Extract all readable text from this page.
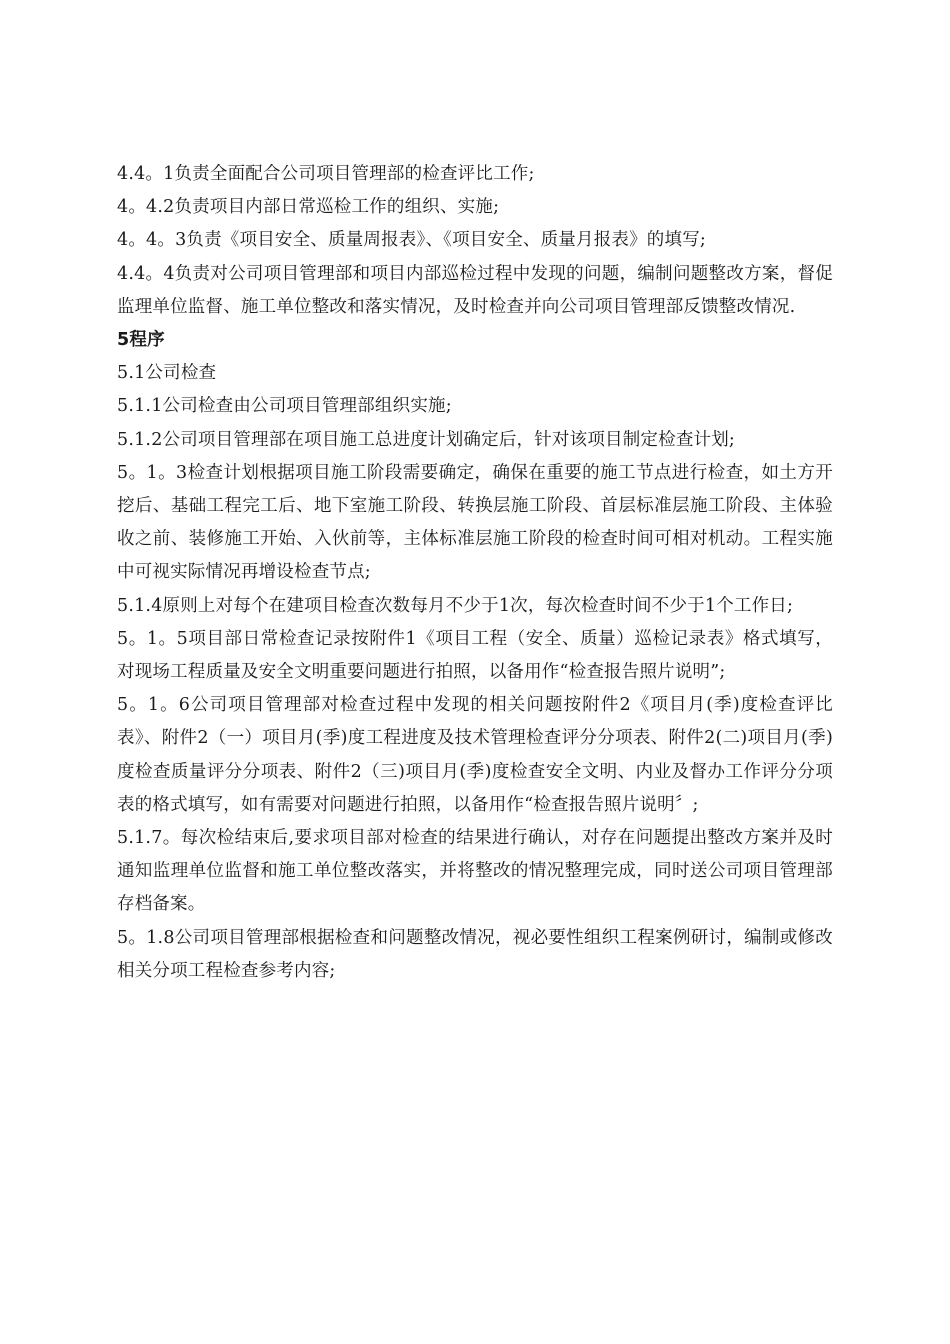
4.4。1负责全面配合公司项目管理部的检查评比工作;

4。4.2负责项目内部日常巡检工作的组织、实施;

4。4。3负责《项目安全、质量周报表》、《项目安全、质量月报表》的填写;

4.4。4负责对公司项目管理部和项目内部巡检过程中发现的问题，编制问题整改方案，督促监理单位监督、施工单位整改和落实情况，及时检查并向公司项目管理部反馈整改情况.

5程序

5.1公司检查

5.1.1公司检查由公司项目管理部组织实施;

5.1.2公司项目管理部在项目施工总进度计划确定后，针对该项目制定检查计划;

5。1。3检查计划根据项目施工阶段需要确定，确保在重要的施工节点进行检查，如土方开挖后、基础工程完工后、地下室施工阶段、转换层施工阶段、首层标准层施工阶段、主体验收之前、装修施工开始、入伙前等，主体标准层施工阶段的检查时间可相对机动。工程实施中可视实际情况再增设检查节点;

5.1.4原则上对每个在建项目检查次数每月不少于1次，每次检查时间不少于1个工作日;

5。1。5项目部日常检查记录按附件1《项目工程（安全、质量）巡检记录表》格式填写，对现场工程质量及安全文明重要问题进行拍照，以备用作“检查报告照片说明”;

5。1。6公司项目管理部对检查过程中发现的相关问题按附件2《项目月(季)度检查评比表》、附件2（一）项目月(季)度工程进度及技术管理检查评分分项表、附件2(二)项目月(季)度检查质量评分分项表、附件2（三)项目月(季)度检查安全文明、内业及督办工作评分分项表的格式填写，如有需要对问题进行拍照，以备用作“检查报告照片说明〞;

5.1.7。每次检结束后,要求项目部对检查的结果进行确认，对存在问题提出整改方案并及时通知监理单位监督和施工单位整改落实，并将整改的情况整理完成，同时送公司项目管理部存档备案。

5。1.8公司项目管理部根据检查和问题整改情况，视必要性组织工程案例研讨，编制或修改相关分项工程检查参考内容;
